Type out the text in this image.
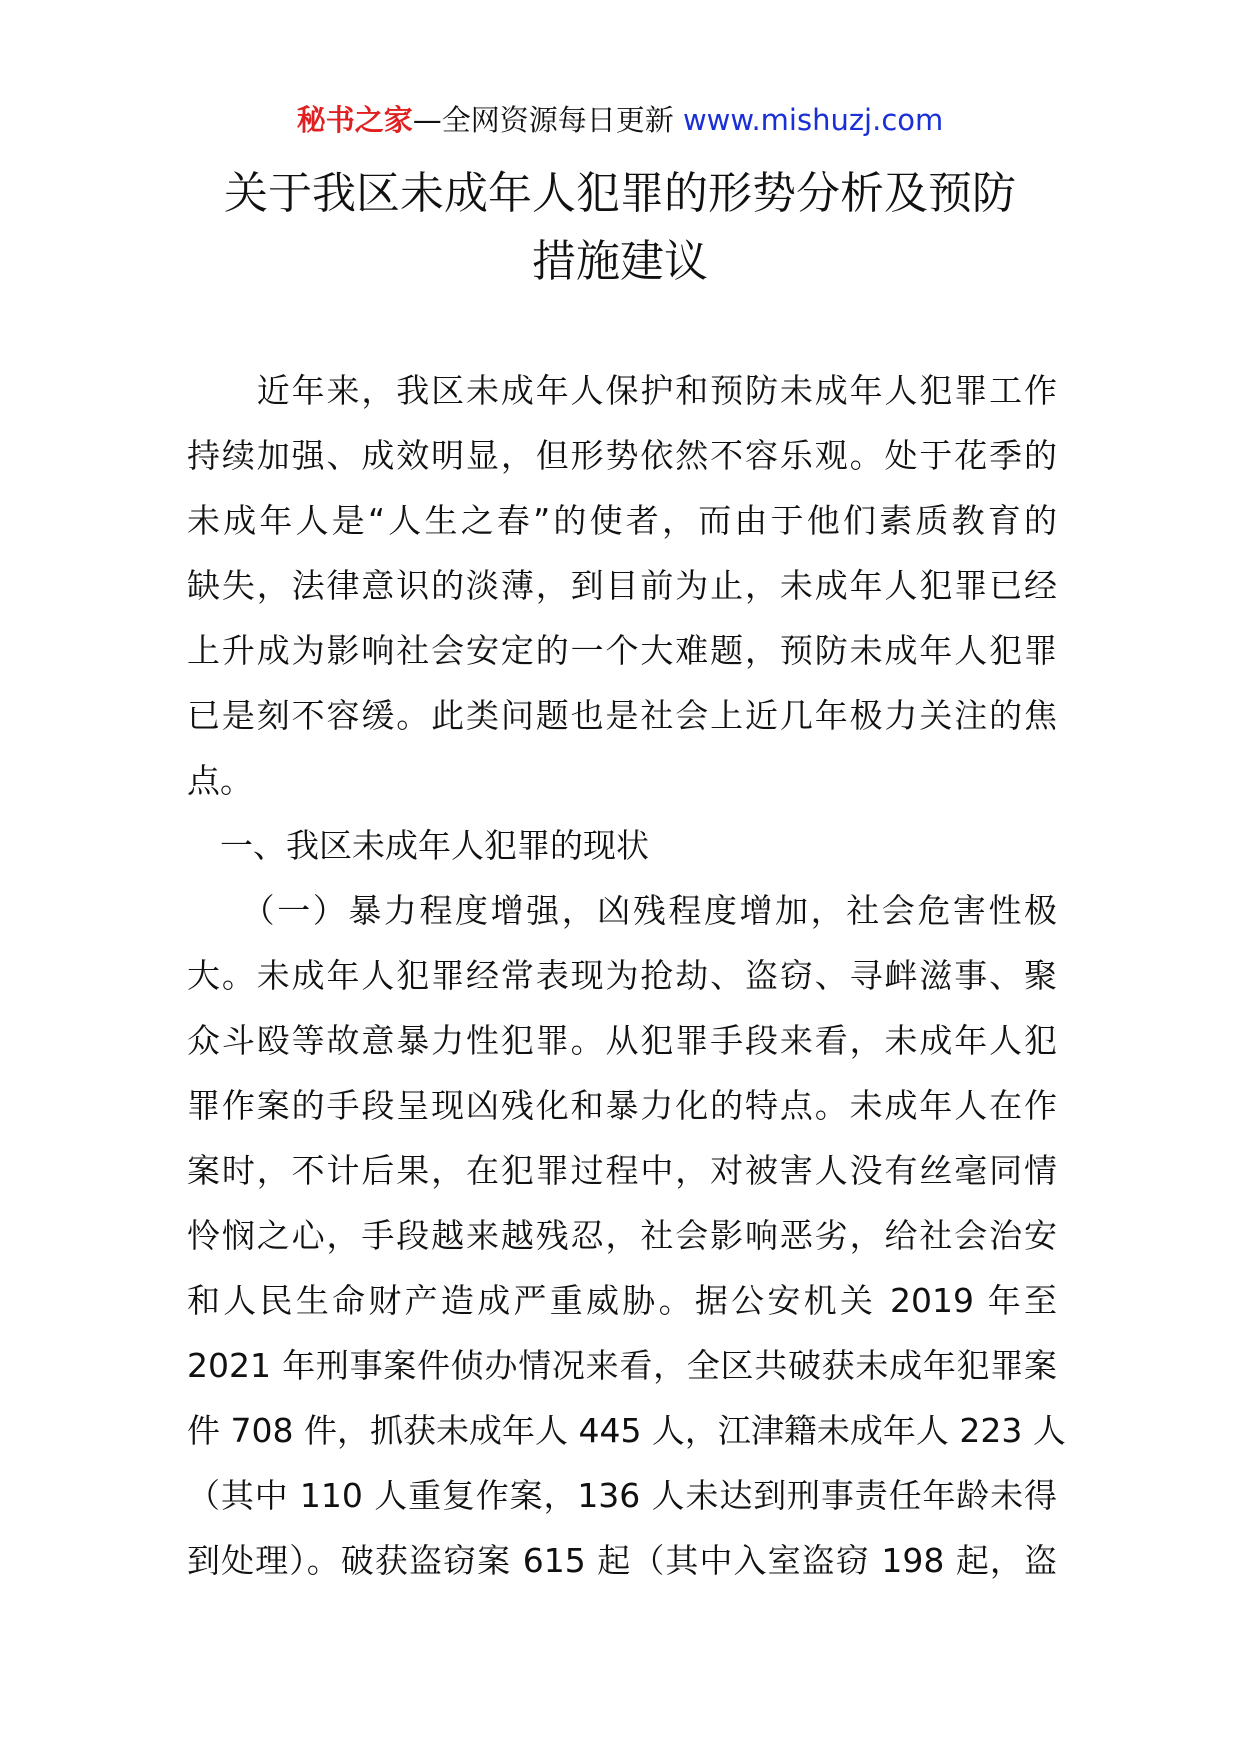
秘书之家—全网资源每日更新 www.mishuzj.com
关于我区未成年人犯罪的形势分析及预防
措施建议
　　近年来，我区未成年人保护和预防未成年人犯罪工作
持续加强、成效明显，但形势依然不容乐观。处于花季的
未成年人是“人生之春”的使者，而由于他们素质教育的
缺失，法律意识的淡薄，到目前为止，未成年人犯罪已经
上升成为影响社会安定的一个大难题，预防未成年人犯罪
已是刻不容缓。此类问题也是社会上近几年极力关注的焦
点。
　一、我区未成年人犯罪的现状
　　（一）暴力程度增强，凶残程度增加，社会危害性极
大。未成年人犯罪经常表现为抢劫、盗窃、寻衅滋事、聚
众斗殴等故意暴力性犯罪。从犯罪手段来看，未成年人犯
罪作案的手段呈现凶残化和暴力化的特点。未成年人在作
案时，不计后果，在犯罪过程中，对被害人没有丝毫同情
怜悯之心，手段越来越残忍，社会影响恶劣，给社会治安
和人民生命财产造成严重威胁。据公安机关 2019 年至
2021 年刑事案件侦办情况来看，全区共破获未成年犯罪案
件 708 件，抓获未成年人 445 人，江津籍未成年人 223 人
（其中 110 人重复作案，136 人未达到刑事责任年龄未得
到处理）。破获盗窃案 615 起（其中入室盗窃 198 起，盗
